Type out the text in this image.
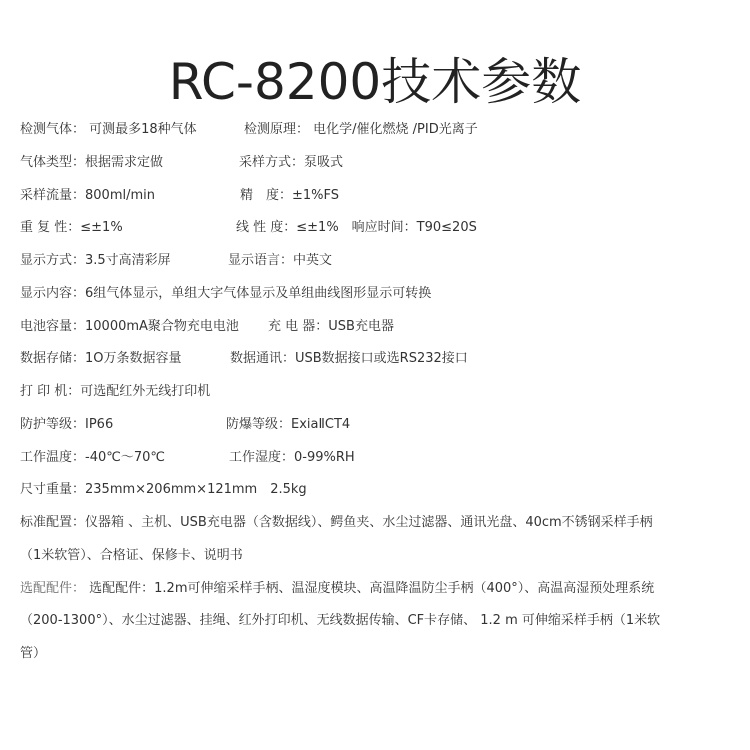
RC-8200技术参数
检测气体： 可测最多18种气体	检测原理： 电化学/催化燃烧 /PID光离子
气体类型：根据需求定做	采样方式：泵吸式
采样流量：800ml/min	精　度：±1%FS
重 复 性：≤±1%	线 性 度：≤±1%　响应时间：T90≤20S
显示方式：3.5寸高清彩屏	显示语言：中英文
显示内容：6组气体显示，单组大字气体显示及单组曲线图形显示可转换
电池容量：10000mA聚合物充电电池 充 电 器：USB充电器
数据存储：1O万条数据容量	数据通讯：USB数据接口或选RS232接口
打 印 机：可选配红外无线打印机
防护等级：IP66	防爆等级：ExiaⅡCT4
工作温度：-40℃～70℃	工作湿度：0-99%RH
尺寸重量：235mm×206mm×121mm　2.5kg
标准配置：仪器箱 、主机、USB充电器（含数据线）、鳄鱼夹、水尘过滤器、通讯光盘、40cm不锈钢采样手柄
（1米软管）、合格证、保修卡、说明书
选配配件： 选配配件：1.2m可伸缩采样手柄、温湿度模块、高温降温防尘手柄（400°）、高温高湿预处理系统
（200-1300°）、水尘过滤器、挂绳、红外打印机、无线数据传输、CF卡存储、 1.2 m 可伸缩采样手柄（1米软
管）
